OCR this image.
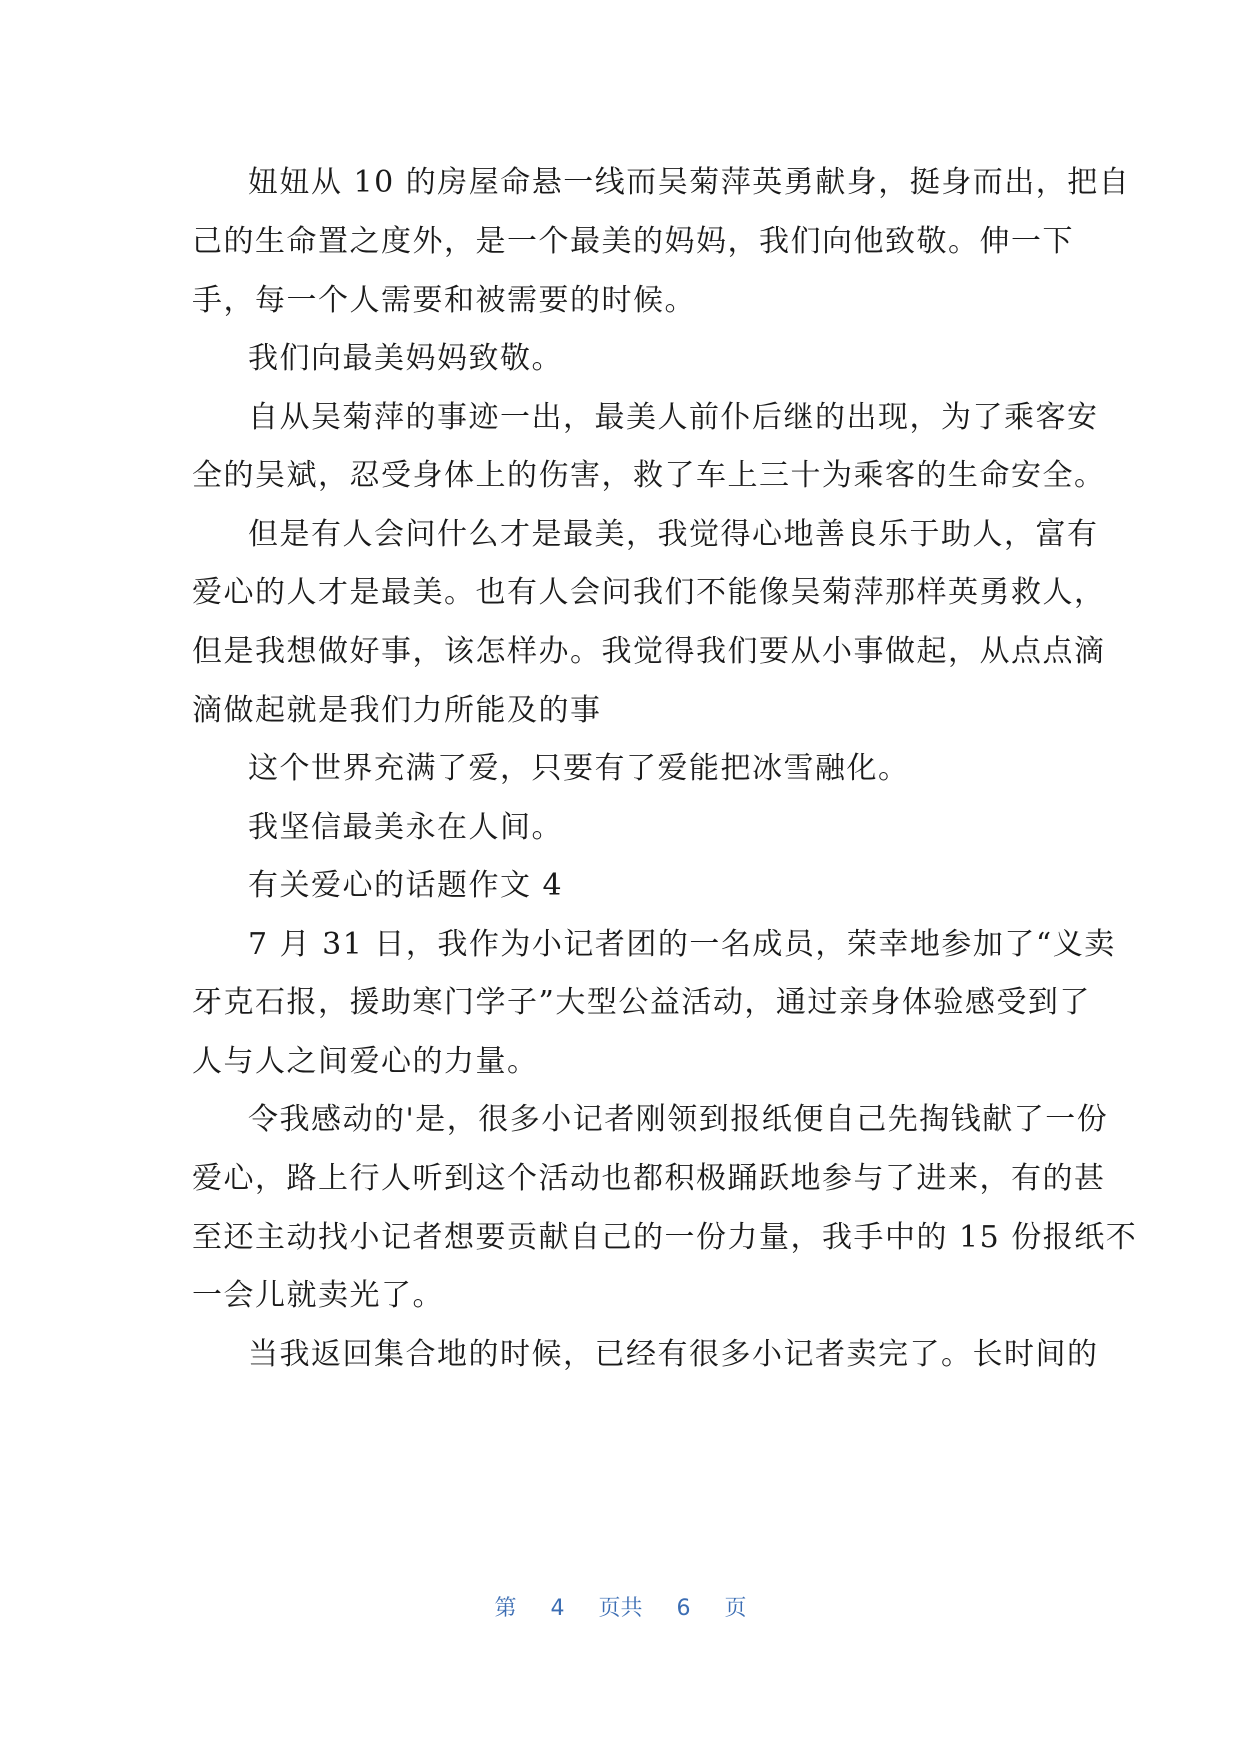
妞妞从 10 的房屋命悬一线而吴菊萍英勇献身，挺身而出，把自
己的生命置之度外，是一个最美的妈妈，我们向他致敬。伸一下
手，每一个人需要和被需要的时候。
我们向最美妈妈致敬。
自从吴菊萍的事迹一出，最美人前仆后继的出现，为了乘客安
全的吴斌，忍受身体上的伤害，救了车上三十为乘客的生命安全。
但是有人会问什么才是最美，我觉得心地善良乐于助人，富有
爱心的人才是最美。也有人会问我们不能像吴菊萍那样英勇救人，
但是我想做好事，该怎样办。我觉得我们要从小事做起，从点点滴
滴做起就是我们力所能及的事
这个世界充满了爱，只要有了爱能把冰雪融化。
我坚信最美永在人间。
有关爱心的话题作文 4
7 月 31 日，我作为小记者团的一名成员，荣幸地参加了“义卖
牙克石报，援助寒门学子”大型公益活动，通过亲身体验感受到了
人与人之间爱心的力量。
令我感动的'是，很多小记者刚领到报纸便自己先掏钱献了一份
爱心，路上行人听到这个活动也都积极踊跃地参与了进来，有的甚
至还主动找小记者想要贡献自己的一份力量，我手中的 15 份报纸不
一会儿就卖光了。
当我返回集合地的时候，已经有很多小记者卖完了。长时间的
第 4 页共 6 页
